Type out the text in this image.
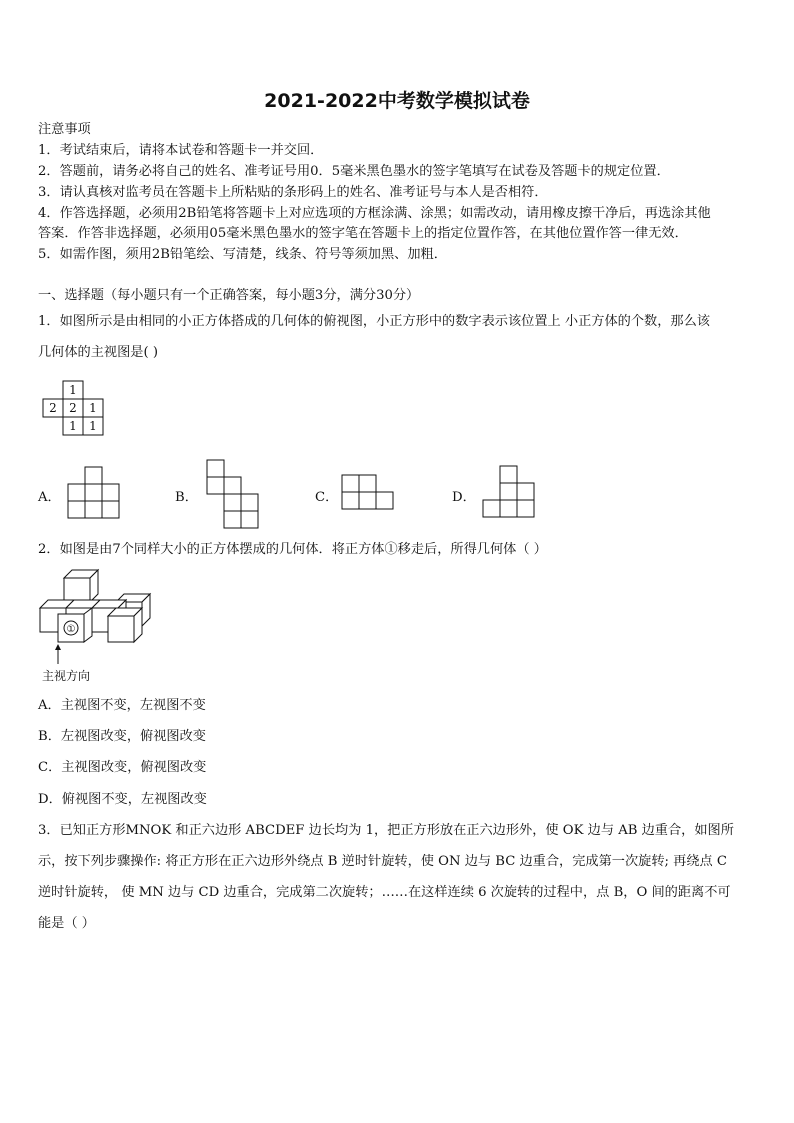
2021-2022中考数学模拟试卷
注意事项
1．考试结束后，请将本试卷和答题卡一并交回．
2．答题前，请务必将自己的姓名、准考证号用0．5毫米黑色墨水的签字笔填写在试卷及答题卡的规定位置．
3．请认真核对监考员在答题卡上所粘贴的条形码上的姓名、准考证号与本人是否相符．
4．作答选择题，必须用2B铅笔将答题卡上对应选项的方框涂满、涂黑；如需改动，请用橡皮擦干净后，再选涂其他
答案．作答非选择题，必须用05毫米黑色墨水的签字笔在答题卡上的指定位置作答，在其他位置作答一律无效．
5．如需作图，须用2B铅笔绘、写清楚，线条、符号等须加黑、加粗．
一、选择题（每小题只有一个正确答案，每小题3分，满分30分）
1．如图所示是由相同的小正方体搭成的几何体的俯视图，小正方形中的数字表示该位置上 小正方体的个数，那么该
几何体的主视图是( )
1
2 2 1
1 1
A．	B．	C．	D．
2．如图是由7个同样大小的正方体摆成的几何体．将正方体①移走后，所得几何体（ ）
①
主视方向
A．主视图不变，左视图不变
B．左视图改变，俯视图改变
C．主视图改变，俯视图改变
D．俯视图不变，左视图改变
3．已知正方形MNOK 和正六边形 ABCDEF 边长均为 1，把正方形放在正六边形外，使 OK 边与 AB 边重合，如图所
示，按下列步骤操作: 将正方形在正六边形外绕点 B 逆时针旋转，使 ON 边与 BC 边重合，完成第一次旋转; 再绕点 C
逆时针旋转， 使 MN 边与 CD 边重合，完成第二次旋转；……在这样连续 6 次旋转的过程中，点 B，O 间的距离不可
能是（ ）
